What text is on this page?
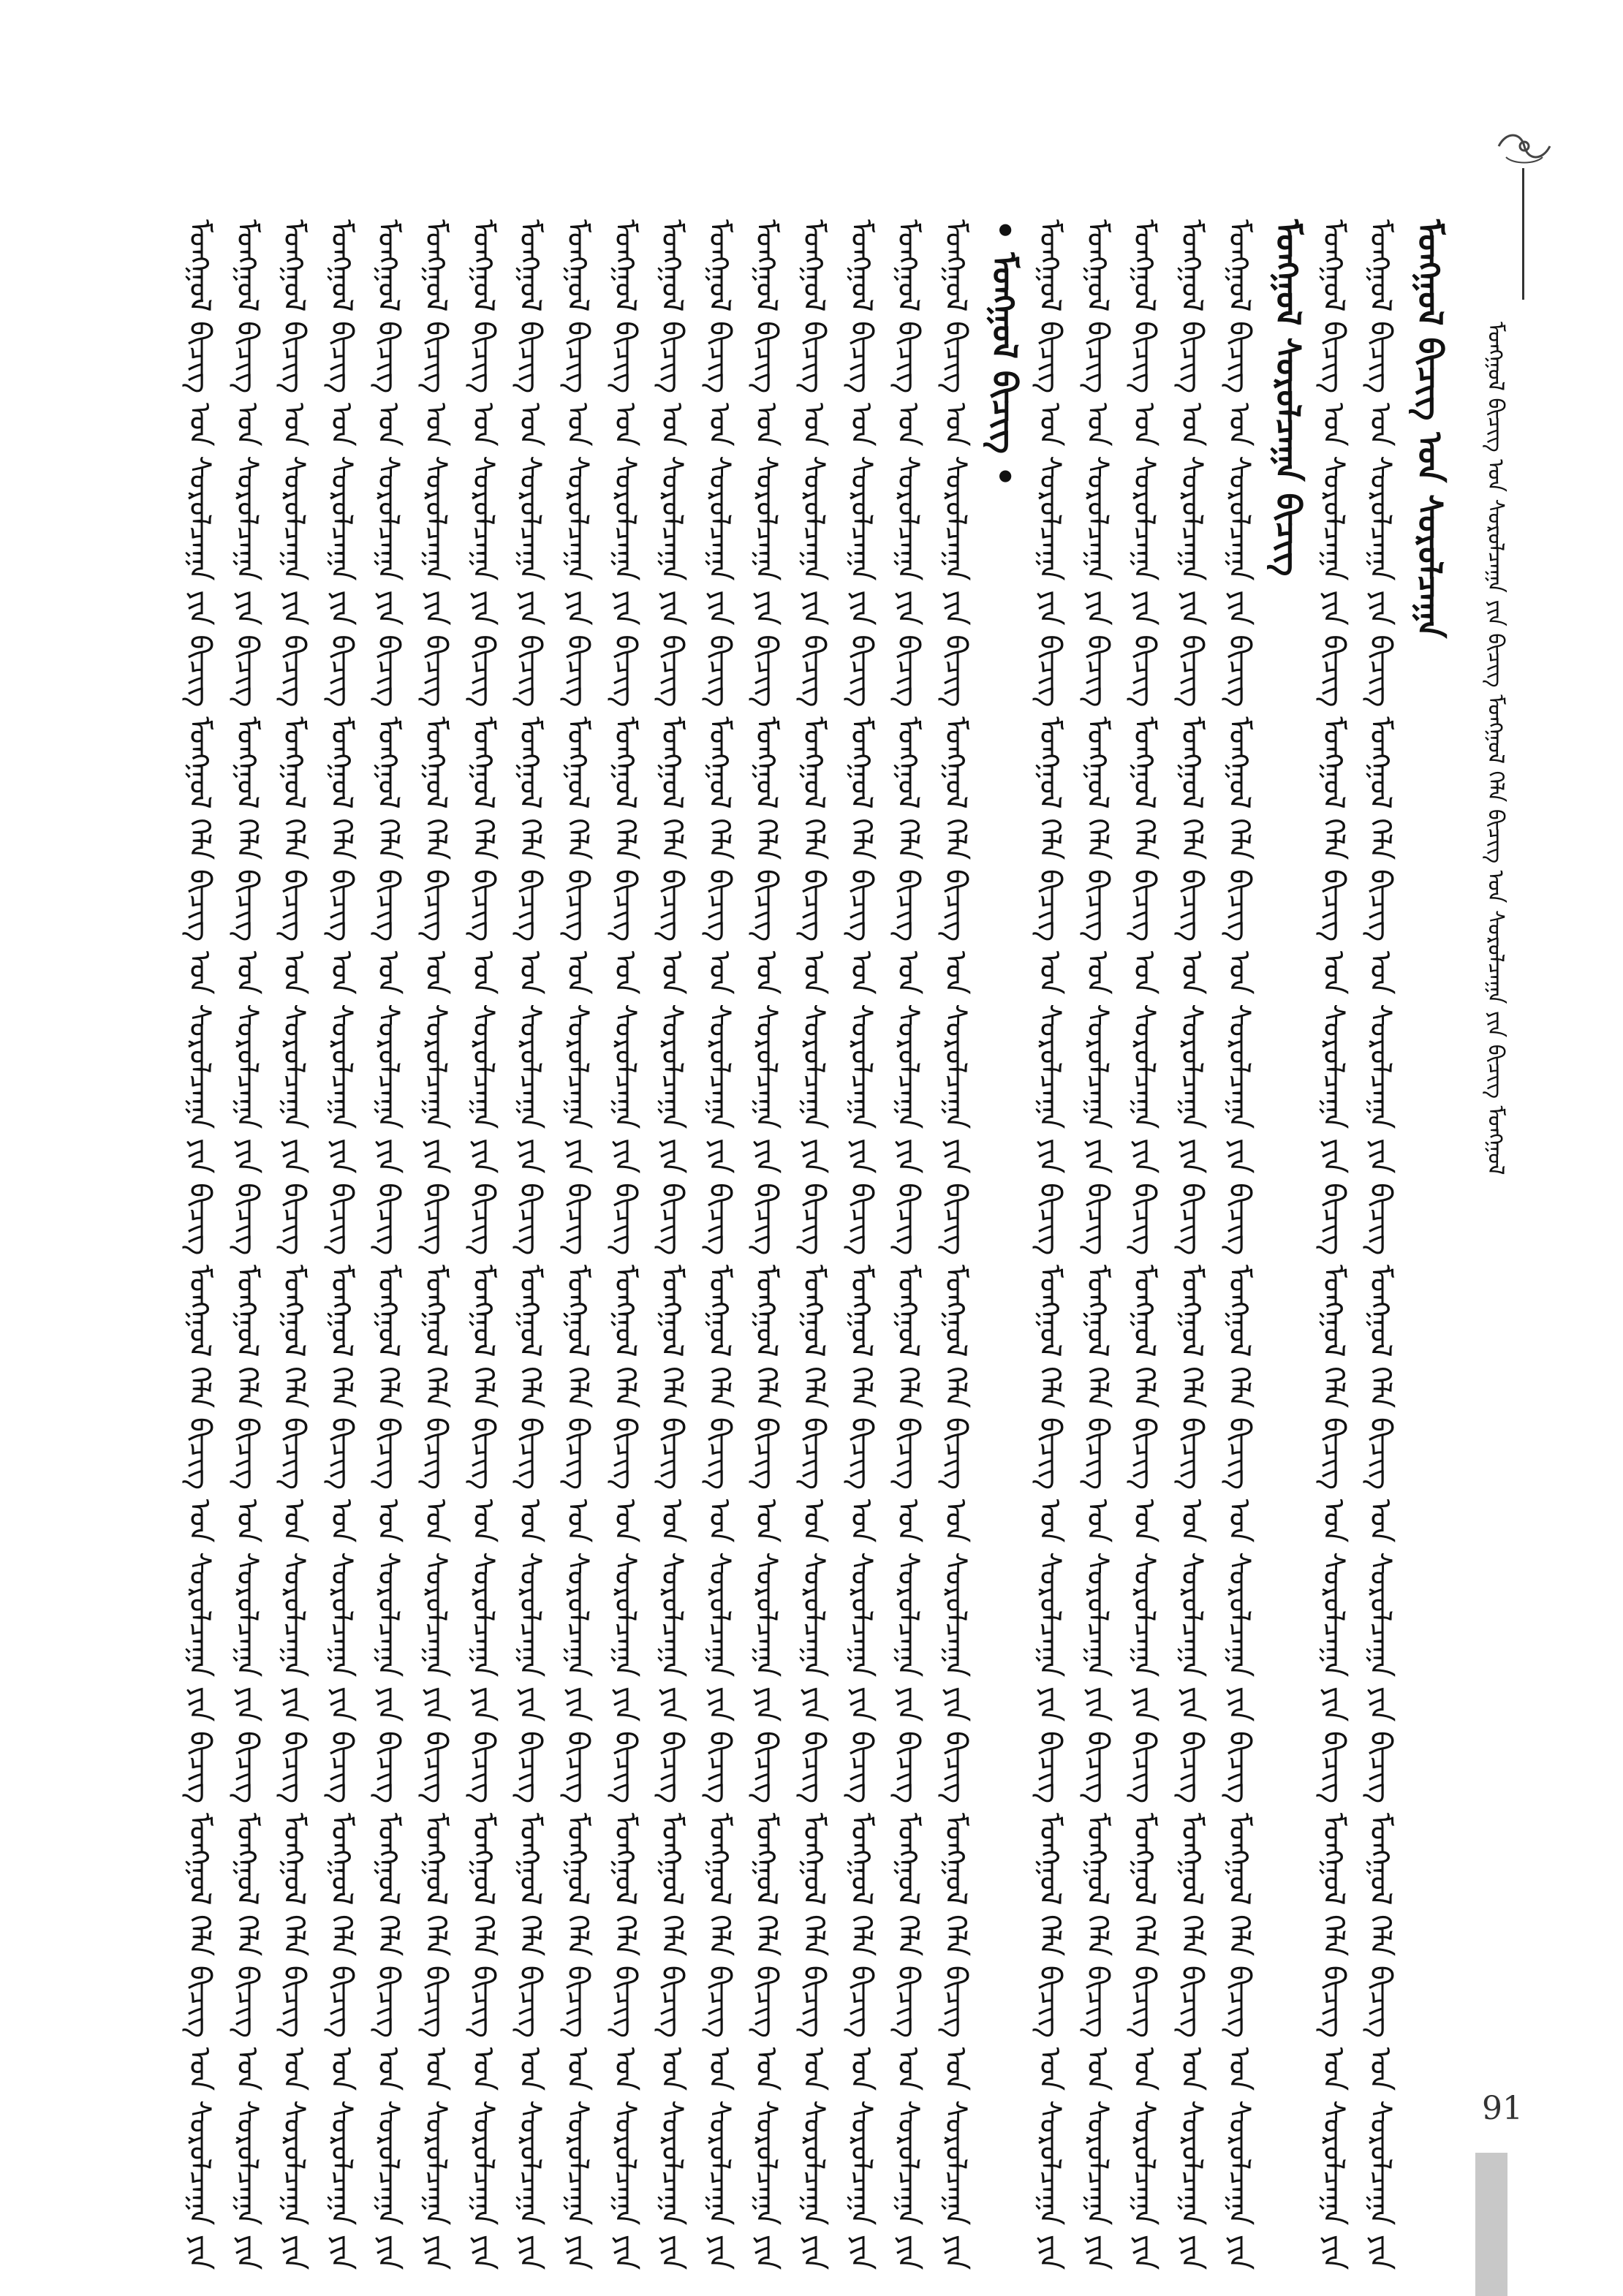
ᠮᠣᠩᠭᠣᠯ ᠪᠢᠴᠢᠭ ᠤᠨ ᠰᠤᠷᠤᠯᠴᠠᠭᠠ ᠶᠢᠨ ᠪᠢᠴᠢᠭ ᠮᠣᠩᠭᠣᠯ ᠬᠡᠯᠡ ᠪᠢᠴᠢᠭ ᠤᠨ ᠰᠤᠷᠤᠯᠴᠠᠭᠠ ᠶᠢᠨ ᠪᠢᠴᠢᠭ ᠮᠣᠩᠭᠣᠯ
ᠮᠣᠩᠭᠣᠯ ᠪᠢᠴᠢᠭ ᠤᠨ ᠰᠤᠷᠤᠯᠴᠠᠭᠠ ᠶᠢᠨ ᠪᠢᠴᠢᠭ ᠮᠣᠩᠭᠣᠯ ᠬᠡᠯᠡ ᠪᠢᠴᠢᠭ ᠤᠨ ᠰᠤᠷᠤᠯᠴᠠᠭᠠ ᠶᠢᠨ ᠪᠢᠴᠢᠭ ᠮᠣᠩᠭᠣᠯ ᠬᠡᠯᠡ ᠪᠢᠴᠢᠭ ᠤᠨ ᠰᠤᠷᠤᠯᠴᠠᠭᠠ ᠶᠢᠨ ᠪᠢᠴᠢᠭ ᠮᠣᠩᠭᠣᠯ ᠬᠡᠯᠡ ᠪᠢᠴᠢᠭ ᠤᠨ ᠰᠤᠷᠤᠯᠴᠠᠭᠠ ᠶᠢᠨ ᠮᠣᠩᠭᠣᠯ ᠪᠢᠴᠢᠭ ᠤᠨ ᠰᠤᠷᠤᠯᠴᠠᠭᠠ ᠶᠢᠨ ᠪᠢᠴᠢᠭ ᠮᠣᠩᠭᠣᠯ ᠬᠡᠯᠡ ᠪᠢᠴᠢᠭ ᠤᠨ ᠰᠤᠷᠤᠯᠴᠠᠭᠠ ᠶᠢᠨ ᠪᠢᠴᠢᠭ ᠮᠣᠩᠭᠣᠯ ᠬᠡᠯᠡ ᠪᠢᠴᠢᠭ ᠤᠨ ᠰᠤᠷᠤᠯᠴᠠᠭᠠ ᠶᠢᠨ ᠪᠢᠴᠢᠭ ᠮᠣᠩᠭᠣᠯ ᠬᠡᠯᠡ ᠪᠢᠴᠢᠭ ᠤᠨ ᠰᠤᠷᠤᠯᠴᠠᠭᠠ ᠶᠢᠨ ᠮᠣᠩᠭᠣᠯ ᠪᠢᠴᠢᠭ ᠤᠨ ᠰᠤᠷᠤᠯᠴᠠᠭᠠ ᠶᠢᠨ ᠪᠢᠴᠢᠭ ᠮᠣᠩᠭᠣᠯ ᠬᠡᠯᠡ ᠪᠢᠴᠢᠭ ᠤᠨ ᠰᠤᠷᠤᠯᠴᠠᠭᠠ ᠶᠢᠨ ᠪᠢᠴᠢᠭ ᠮᠣᠩᠭᠣᠯ ᠬᠡᠯᠡ ᠪᠢᠴᠢᠭ ᠤᠨ ᠰᠤᠷᠤᠯᠴᠠᠭᠠ ᠶᠢᠨ ᠪᠢᠴᠢᠭ ᠮᠣᠩᠭᠣᠯ ᠬᠡᠯᠡ ᠪᠢᠴᠢᠭ ᠤᠨ ᠰᠤᠷᠤᠯᠴᠠᠭᠠ ᠶᠢᠨ ᠮᠣᠩᠭᠣᠯ ᠪᠢᠴᠢᠭ ᠤᠨ ᠰᠤᠷᠤᠯᠴᠠᠭᠠ ᠶᠢᠨ ᠪᠢᠴᠢᠭ ᠮᠣᠩᠭᠣᠯ ᠬᠡᠯᠡ ᠪᠢᠴᠢᠭ ᠤᠨ ᠰᠤᠷᠤᠯᠴᠠᠭᠠ ᠶᠢᠨ ᠪᠢᠴᠢᠭ ᠮᠣᠩᠭᠣᠯ ᠬᠡᠯᠡ ᠪᠢᠴᠢᠭ ᠤᠨ ᠰᠤᠷᠤᠯᠴᠠᠭᠠ ᠶᠢᠨ ᠪᠢᠴᠢᠭ ᠮᠣᠩᠭᠣᠯ ᠬᠡᠯᠡ ᠪᠢᠴᠢᠭ ᠤᠨ ᠰᠤᠷᠤᠯᠴᠠᠭᠠ ᠶᠢᠨ ᠮᠣᠩᠭᠣᠯ ᠪᠢᠴᠢᠭ ᠤᠨ ᠰᠤᠷᠤᠯᠴᠠᠭᠠ ᠶᠢᠨ ᠪᠢᠴᠢᠭ ᠮᠣᠩᠭᠣᠯ ᠬᠡᠯᠡ ᠪᠢᠴᠢᠭ ᠤᠨ ᠰᠤᠷᠤᠯᠴᠠᠭᠠ ᠶᠢᠨ ᠪᠢᠴᠢᠭ ᠮᠣᠩᠭᠣᠯ ᠬᠡᠯᠡ ᠪᠢᠴᠢᠭ ᠤᠨ ᠰᠤᠷᠤᠯᠴᠠᠭᠠ ᠶᠢᠨ ᠪᠢᠴᠢᠭ ᠮᠣᠩᠭᠣᠯ ᠬᠡᠯᠡ ᠪᠢᠴᠢᠭ ᠤᠨ ᠰᠤᠷᠤᠯᠴᠠᠭᠠ ᠶᠢᠨ ᠮᠣᠩᠭᠣᠯ ᠪᠢᠴᠢᠭ ᠤᠨ ᠰᠤᠷᠤᠯᠴᠠᠭᠠ ᠶᠢᠨ ᠪᠢᠴᠢᠭ ᠮᠣᠩᠭᠣᠯ ᠬᠡᠯᠡ ᠪᠢᠴᠢᠭ ᠤᠨ ᠰᠤᠷᠤᠯᠴᠠᠭᠠ ᠶᠢᠨ ᠪᠢᠴᠢᠭ ᠮᠣᠩᠭᠣᠯ ᠬᠡᠯᠡ ᠪᠢᠴᠢᠭ ᠤᠨ ᠰᠤᠷᠤᠯᠴᠠᠭᠠ ᠶᠢᠨ ᠪᠢᠴᠢᠭ ᠮᠣᠩᠭᠣᠯ ᠬᠡᠯᠡ ᠪᠢᠴᠢᠭ ᠤᠨ ᠰᠤᠷᠤᠯᠴᠠᠭᠠ ᠶᠢᠨ ᠮᠣᠩᠭᠣᠯ ᠪᠢᠴᠢᠭ ᠤᠨ ᠰᠤᠷᠤᠯᠴᠠᠭᠠ ᠶᠢᠨ ᠪᠢᠴᠢᠭ ᠮᠣᠩᠭᠣᠯ ᠬᠡᠯᠡ ᠪᠢᠴᠢᠭ ᠤᠨ ᠰᠤᠷᠤᠯᠴᠠᠭᠠ ᠶᠢᠨ ᠪᠢᠴᠢᠭ ᠮᠣᠩᠭᠣᠯ ᠬᠡᠯᠡ ᠪᠢᠴᠢᠭ ᠤᠨ ᠰᠤᠷᠤᠯᠴᠠᠭᠠ ᠶᠢᠨ ᠪᠢᠴᠢᠭ ᠮᠣᠩᠭᠣᠯ ᠬᠡᠯᠡ ᠪᠢᠴᠢᠭ ᠤᠨ ᠰᠤᠷᠤᠯᠴᠠᠭᠠ ᠶᠢᠨ ᠮᠣᠩᠭᠣᠯ ᠪᠢᠴᠢᠭ ᠤᠨ ᠰᠤᠷᠤᠯᠴᠠᠭᠠ ᠶᠢᠨ ᠪᠢᠴᠢᠭ ᠮᠣᠩᠭᠣᠯ ᠬᠡᠯᠡ ᠪᠢᠴᠢᠭ ᠤᠨ ᠰᠤᠷᠤᠯᠴᠠᠭᠠ ᠶᠢᠨ ᠪᠢᠴᠢᠭ ᠮᠣᠩᠭᠣᠯ ᠬᠡᠯᠡ ᠪᠢᠴᠢᠭ ᠤᠨ ᠰᠤᠷᠤᠯᠴᠠᠭᠠ ᠶᠢᠨ ᠪᠢᠴᠢᠭ ᠮᠣᠩᠭᠣᠯ ᠬᠡᠯᠡ ᠪᠢᠴᠢᠭ ᠤᠨ ᠰᠤᠷᠤᠯᠴᠠᠭᠠ ᠶᠢᠨ ᠮᠣᠩᠭᠣᠯ ᠪᠢᠴᠢᠭ ᠤᠨ ᠰᠤᠷᠤᠯᠴᠠᠭᠠ ᠶᠢᠨ ᠪᠢᠴᠢᠭ ᠮᠣᠩᠭᠣᠯ ᠬᠡᠯᠡ ᠪᠢᠴᠢᠭ ᠤᠨ ᠰᠤᠷᠤᠯᠴᠠᠭᠠ ᠶᠢᠨ ᠪᠢᠴᠢᠭ ᠮᠣᠩᠭᠣᠯ ᠬᠡᠯᠡ ᠪᠢᠴᠢᠭ ᠤᠨ ᠰᠤᠷᠤᠯᠴᠠᠭᠠ ᠶᠢᠨ ᠪᠢᠴᠢᠭ ᠮᠣᠩᠭᠣᠯ ᠬᠡᠯᠡ ᠪᠢᠴᠢᠭ ᠤᠨ ᠰᠤᠷᠤᠯᠴᠠᠭᠠ ᠶᠢᠨ ᠮᠣᠩᠭᠣᠯ ᠪᠢᠴᠢᠭ ᠤᠨ ᠰᠤᠷᠤᠯᠴᠠᠭᠠ ᠶᠢᠨ ᠪᠢᠴᠢᠭ ᠮᠣᠩᠭᠣᠯ ᠬᠡᠯᠡ ᠪᠢᠴᠢᠭ ᠤᠨ ᠰᠤᠷᠤᠯᠴᠠᠭᠠ ᠶᠢᠨ ᠪᠢᠴᠢᠭ ᠮᠣᠩᠭᠣᠯ ᠬᠡᠯᠡ ᠪᠢᠴᠢᠭ ᠤᠨ ᠰᠤᠷᠤᠯᠴᠠᠭᠠ ᠶᠢᠨ ᠪᠢᠴᠢᠭ ᠮᠣᠩᠭᠣᠯ ᠬᠡᠯᠡ ᠪᠢᠴᠢᠭ ᠤᠨ ᠰᠤᠷᠤᠯᠴᠠᠭᠠ ᠶᠢᠨ ᠮᠣᠩᠭᠣᠯ ᠪᠢᠴᠢᠭ ᠤᠨ ᠰᠤᠷᠤᠯᠴᠠᠭᠠ ᠶᠢᠨ ᠪᠢᠴᠢᠭ ᠮᠣᠩᠭᠣᠯ ᠬᠡᠯᠡ ᠪᠢᠴᠢᠭ ᠤᠨ ᠰᠤᠷᠤᠯᠴᠠᠭᠠ ᠶᠢᠨ ᠪᠢᠴᠢᠭ ᠮᠣᠩᠭᠣᠯ ᠬᠡᠯᠡ ᠪᠢᠴᠢᠭ ᠤᠨ ᠰᠤᠷᠤᠯᠴᠠᠭᠠ ᠶᠢᠨ ᠪᠢᠴᠢᠭ ᠮᠣᠩᠭᠣᠯ ᠬᠡᠯᠡ ᠪᠢᠴᠢᠭ ᠤᠨ ᠰᠤᠷᠤᠯᠴᠠᠭᠠ ᠶᠢᠨ ᠮᠣᠩᠭᠣᠯ ᠪᠢᠴᠢᠭ ᠤᠨ ᠰᠤᠷᠤᠯᠴᠠᠭᠠ ᠶᠢᠨ ᠪᠢᠴᠢᠭ ᠮᠣᠩᠭᠣᠯ ᠬᠡᠯᠡ ᠪᠢᠴᠢᠭ ᠤᠨ ᠰᠤᠷᠤᠯᠴᠠᠭᠠ ᠶᠢᠨ ᠪᠢᠴᠢᠭ ᠮᠣᠩᠭᠣᠯ ᠬᠡᠯᠡ ᠪᠢᠴᠢᠭ ᠤᠨ ᠰᠤᠷᠤᠯᠴᠠᠭᠠ ᠶᠢᠨ ᠪᠢᠴᠢᠭ ᠮᠣᠩᠭᠣᠯ ᠬᠡᠯᠡ ᠪᠢᠴᠢᠭ ᠤᠨ ᠰᠤᠷᠤᠯᠴᠠᠭᠠ ᠶᠢᠨ ᠮᠣᠩᠭᠣᠯ ᠪᠢᠴᠢᠭ ᠤᠨ ᠰᠤᠷᠤᠯᠴᠠᠭᠠ ᠶᠢᠨ ᠪᠢᠴᠢᠭ ᠮᠣᠩᠭᠣᠯ ᠬᠡᠯᠡ ᠪᠢᠴᠢᠭ ᠤᠨ ᠰᠤᠷᠤᠯᠴᠠᠭᠠ ᠶᠢᠨ ᠪᠢᠴᠢᠭ ᠮᠣᠩᠭᠣᠯ ᠬᠡᠯᠡ ᠪᠢᠴᠢᠭ ᠤᠨ ᠰᠤᠷᠤᠯᠴᠠᠭᠠ ᠶᠢᠨ ᠪᠢᠴᠢᠭ ᠮᠣᠩᠭᠣᠯ ᠬᠡᠯᠡ ᠪᠢᠴᠢᠭ ᠤᠨ ᠰᠤᠷᠤᠯᠴᠠᠭᠠ ᠶᠢᠨ ᠮᠣᠩᠭᠣᠯ ᠪᠢᠴᠢᠭ ᠤᠨ ᠰᠤᠷᠤᠯᠴᠠᠭᠠ ᠶᠢᠨ ᠪᠢᠴᠢᠭ ᠮᠣᠩᠭᠣᠯ ᠬᠡᠯᠡ ᠪᠢᠴᠢᠭ ᠤᠨ ᠰᠤᠷᠤᠯᠴᠠᠭᠠ ᠶᠢᠨ ᠪᠢᠴᠢᠭ ᠮᠣᠩᠭᠣᠯ ᠬᠡᠯᠡ ᠪᠢᠴᠢᠭ ᠤᠨ ᠰᠤᠷᠤᠯᠴᠠᠭᠠ ᠶᠢᠨ ᠪᠢᠴᠢᠭ ᠮᠣᠩᠭᠣᠯ ᠬᠡᠯᠡ ᠪᠢᠴᠢᠭ ᠤᠨ ᠰᠤᠷᠤᠯᠴᠠᠭᠠ ᠶᠢᠨ ᠮᠣᠩᠭᠣᠯ ᠪᠢᠴᠢᠭ ᠤᠨ ᠰᠤᠷᠤᠯᠴᠠᠭᠠ ᠶᠢᠨ ᠪᠢᠴᠢᠭ ᠮᠣᠩᠭᠣᠯ ᠬᠡᠯᠡ ᠪᠢᠴᠢᠭ ᠤᠨ ᠰᠤᠷᠤᠯᠴᠠᠭᠠ ᠶᠢᠨ ᠪᠢᠴᠢᠭ ᠮᠣᠩᠭᠣᠯ ᠬᠡᠯᠡ ᠪᠢᠴᠢᠭ ᠤᠨ ᠰᠤᠷᠤᠯᠴᠠᠭᠠ ᠶᠢᠨ ᠪᠢᠴᠢᠭ ᠮᠣᠩᠭᠣᠯ ᠬᠡᠯᠡ ᠪᠢᠴᠢᠭ ᠤᠨ ᠰᠤᠷᠤᠯᠴᠠᠭᠠ ᠶᠢᠨ ᠮᠣᠩᠭᠣᠯ ᠪᠢᠴᠢᠭ ᠤᠨ ᠰᠤᠷᠤᠯᠴᠠᠭᠠ ᠶᠢᠨ ᠪᠢᠴᠢᠭ ᠮᠣᠩᠭᠣᠯ ᠬᠡᠯᠡ ᠪᠢᠴᠢᠭ ᠤᠨ ᠰᠤᠷᠤᠯᠴᠠᠭᠠ ᠶᠢᠨ ᠪᠢᠴᠢᠭ ᠮᠣᠩᠭᠣᠯ ᠬᠡᠯᠡ ᠪᠢᠴᠢᠭ ᠤᠨ ᠰᠤᠷᠤᠯᠴᠠᠭᠠ ᠶᠢᠨ ᠪᠢᠴᠢᠭ ᠮᠣᠩᠭᠣᠯ ᠬᠡᠯᠡ ᠪᠢᠴᠢᠭ ᠤᠨ ᠰᠤᠷᠤᠯᠴᠠᠭᠠ ᠶᠢᠨ ᠮᠣᠩᠭᠣᠯ ᠪᠢᠴᠢᠭ ᠤᠨ ᠰᠤᠷᠤᠯᠴᠠᠭᠠ ᠶᠢᠨ ᠪᠢᠴᠢᠭ ᠮᠣᠩᠭᠣᠯ ᠬᠡᠯᠡ ᠪᠢᠴᠢᠭ ᠤᠨ ᠰᠤᠷᠤᠯᠴᠠᠭᠠ ᠶᠢᠨ ᠪᠢᠴᠢᠭ ᠮᠣᠩᠭᠣᠯ ᠬᠡᠯᠡ ᠪᠢᠴᠢᠭ ᠤᠨ ᠰᠤᠷᠤᠯᠴᠠᠭᠠ ᠶᠢᠨ ᠪᠢᠴᠢᠭ ᠮᠣᠩᠭᠣᠯ ᠬᠡᠯᠡ ᠪᠢᠴᠢᠭ ᠤᠨ ᠰᠤᠷᠤᠯᠴᠠᠭᠠ ᠶᠢᠨ • ᠮᠣᠩᠭᠣᠯ ᠪᠢᠴᠢᠭ • ᠮᠣᠩᠭᠣᠯ ᠪᠢᠴᠢᠭ ᠤᠨ ᠰᠤᠷᠤᠯᠴᠠᠭᠠ ᠶᠢᠨ ᠪᠢᠴᠢᠭ ᠮᠣᠩᠭᠣᠯ ᠬᠡᠯᠡ ᠪᠢᠴᠢᠭ ᠤᠨ ᠰᠤᠷᠤᠯᠴᠠᠭᠠ ᠶᠢᠨ ᠪᠢᠴᠢᠭ ᠮᠣᠩᠭᠣᠯ ᠬᠡᠯᠡ ᠪᠢᠴᠢᠭ ᠤᠨ ᠰᠤᠷᠤᠯᠴᠠᠭᠠ ᠶᠢᠨ ᠪᠢᠴᠢᠭ ᠮᠣᠩᠭᠣᠯ ᠬᠡᠯᠡ ᠪᠢᠴᠢᠭ ᠤᠨ ᠰᠤᠷᠤᠯᠴᠠᠭᠠ ᠶᠢᠨ ᠮᠣᠩᠭᠣᠯ ᠪᠢᠴᠢᠭ ᠤᠨ ᠰᠤᠷᠤᠯᠴᠠᠭᠠ ᠶᠢᠨ ᠪᠢᠴᠢᠭ ᠮᠣᠩᠭᠣᠯ ᠬᠡᠯᠡ ᠪᠢᠴᠢᠭ ᠤᠨ ᠰᠤᠷᠤᠯᠴᠠᠭᠠ ᠶᠢᠨ ᠪᠢᠴᠢᠭ ᠮᠣᠩᠭᠣᠯ ᠬᠡᠯᠡ ᠪᠢᠴᠢᠭ ᠤᠨ ᠰᠤᠷᠤᠯᠴᠠᠭᠠ ᠶᠢᠨ ᠪᠢᠴᠢᠭ ᠮᠣᠩᠭᠣᠯ ᠬᠡᠯᠡ ᠪᠢᠴᠢᠭ ᠤᠨ ᠰᠤᠷᠤᠯᠴᠠᠭᠠ ᠶᠢᠨ ᠮᠣᠩᠭᠣᠯ ᠪᠢᠴᠢᠭ ᠤᠨ ᠰᠤᠷᠤᠯᠴᠠᠭᠠ ᠶᠢᠨ ᠪᠢᠴᠢᠭ ᠮᠣᠩᠭᠣᠯ ᠬᠡᠯᠡ ᠪᠢᠴᠢᠭ ᠤᠨ ᠰᠤᠷᠤᠯᠴᠠᠭᠠ ᠶᠢᠨ ᠪᠢᠴᠢᠭ ᠮᠣᠩᠭᠣᠯ ᠬᠡᠯᠡ ᠪᠢᠴᠢᠭ ᠤᠨ ᠰᠤᠷᠤᠯᠴᠠᠭᠠ ᠶᠢᠨ ᠪᠢᠴᠢᠭ ᠮᠣᠩᠭᠣᠯ ᠬᠡᠯᠡ ᠪᠢᠴᠢᠭ ᠤᠨ ᠰᠤᠷᠤᠯᠴᠠᠭᠠ ᠶᠢᠨ ᠮᠣᠩᠭᠣᠯ ᠪᠢᠴᠢᠭ ᠤᠨ ᠰᠤᠷᠤᠯᠴᠠᠭᠠ ᠶᠢᠨ ᠪᠢᠴᠢᠭ ᠮᠣᠩᠭᠣᠯ ᠬᠡᠯᠡ ᠪᠢᠴᠢᠭ ᠤᠨ ᠰᠤᠷᠤᠯᠴᠠᠭᠠ ᠶᠢᠨ ᠪᠢᠴᠢᠭ ᠮᠣᠩᠭᠣᠯ ᠬᠡᠯᠡ ᠪᠢᠴᠢᠭ ᠤᠨ ᠰᠤᠷᠤᠯᠴᠠᠭᠠ ᠶᠢᠨ ᠪᠢᠴᠢᠭ ᠮᠣᠩᠭᠣᠯ ᠬᠡᠯᠡ ᠪᠢᠴᠢᠭ ᠤᠨ ᠰᠤᠷᠤᠯᠴᠠᠭᠠ ᠶᠢᠨ ᠮᠣᠩᠭᠣᠯ ᠪᠢᠴᠢᠭ ᠤᠨ ᠰᠤᠷᠤᠯᠴᠠᠭᠠ ᠶᠢᠨ ᠪᠢᠴᠢᠭ ᠮᠣᠩᠭᠣᠯ ᠬᠡᠯᠡ ᠪᠢᠴᠢᠭ ᠤᠨ ᠰᠤᠷᠤᠯᠴᠠᠭᠠ ᠶᠢᠨ ᠪᠢᠴᠢᠭ ᠮᠣᠩᠭᠣᠯ ᠬᠡᠯᠡ ᠪᠢᠴᠢᠭ ᠤᠨ ᠰᠤᠷᠤᠯᠴᠠᠭᠠ ᠶᠢᠨ ᠪᠢᠴᠢᠭ ᠮᠣᠩᠭᠣᠯ ᠬᠡᠯᠡ ᠪᠢᠴᠢᠭ ᠤᠨ ᠰᠤᠷᠤᠯᠴᠠᠭᠠ ᠶᠢᠨ ᠮᠣᠩᠭᠣᠯ ᠰᠤᠷᠤᠯᠴᠠᠭᠠ ᠪᠢᠴᠢᠭ ᠮᠣᠩᠭᠣᠯ ᠪᠢᠴᠢᠭ ᠤᠨ ᠰᠤᠷᠤᠯᠴᠠᠭᠠ ᠶᠢᠨ ᠪᠢᠴᠢᠭ ᠮᠣᠩᠭᠣᠯ ᠬᠡᠯᠡ ᠪᠢᠴᠢᠭ ᠤᠨ ᠰᠤᠷᠤᠯᠴᠠᠭᠠ ᠶᠢᠨ ᠪᠢᠴᠢᠭ ᠮᠣᠩᠭᠣᠯ ᠬᠡᠯᠡ ᠪᠢᠴᠢᠭ ᠤᠨ ᠰᠤᠷᠤᠯᠴᠠᠭᠠ ᠶᠢᠨ ᠪᠢᠴᠢᠭ ᠮᠣᠩᠭᠣᠯ ᠬᠡᠯᠡ ᠪᠢᠴᠢᠭ ᠤᠨ ᠰᠤᠷᠤᠯᠴᠠᠭᠠ ᠶᠢᠨ ᠮᠣᠩᠭᠣᠯ ᠪᠢᠴᠢᠭ ᠤᠨ ᠰᠤᠷᠤᠯᠴᠠᠭᠠ ᠶᠢᠨ ᠪᠢᠴᠢᠭ ᠮᠣᠩᠭᠣᠯ ᠬᠡᠯᠡ ᠪᠢᠴᠢᠭ ᠤᠨ ᠰᠤᠷᠤᠯᠴᠠᠭᠠ ᠶᠢᠨ ᠪᠢᠴᠢᠭ ᠮᠣᠩᠭᠣᠯ ᠬᠡᠯᠡ ᠪᠢᠴᠢᠭ ᠤᠨ ᠰᠤᠷᠤᠯᠴᠠᠭᠠ ᠶᠢᠨ ᠪᠢᠴᠢᠭ ᠮᠣᠩᠭᠣᠯ ᠬᠡᠯᠡ ᠪᠢᠴᠢᠭ ᠤᠨ ᠰᠤᠷᠤᠯᠴᠠᠭᠠ ᠶᠢᠨ ᠮᠣᠩᠭᠣᠯ ᠪᠢᠴᠢᠭ ᠤᠨ ᠰᠤᠷᠤᠯᠴᠠᠭᠠ
91
